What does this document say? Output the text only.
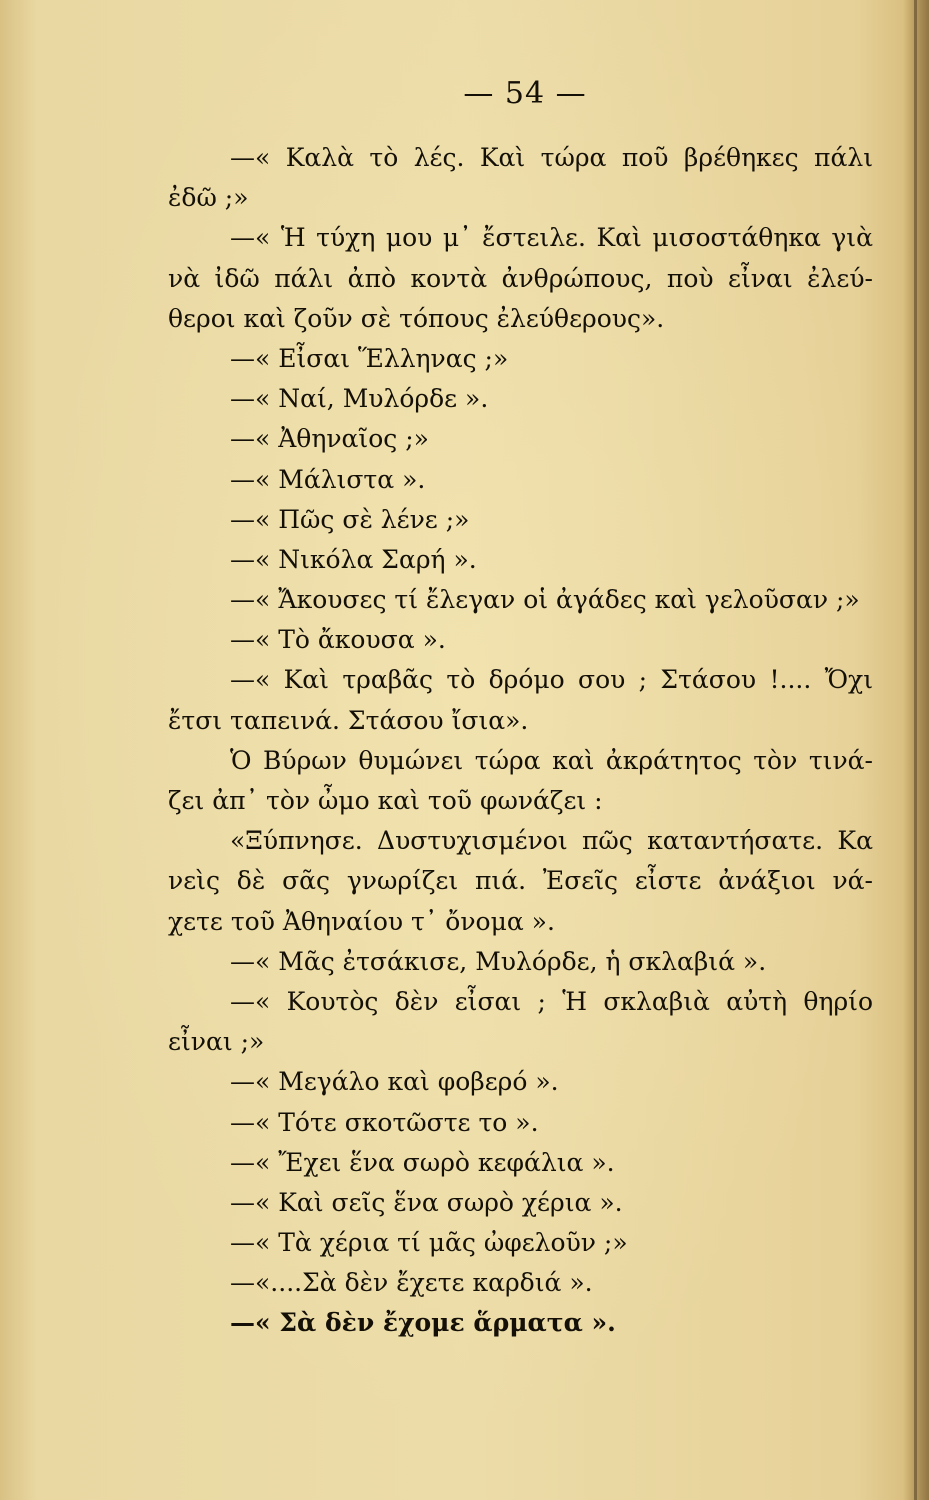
— 54 —
—« Καλὰ τὸ λές. Καὶ τώρα ποῦ βρέθηκες πάλι
ἐδῶ ;»
—« Ἡ τύχη μου μ᾽ ἔστειλε. Καὶ μισοστάθηκα γιὰ
νὰ ἰδῶ πάλι ἀπὸ κοντὰ ἀνθρώπους, ποὺ εἶναι ἐλεύ-
θεροι καὶ ζοῦν σὲ τόπους ἐλεύθερους».
—« Εἶσαι Ἕλληνας ;»
—« Ναί, Μυλόρδε ».
—« Ἀθηναῖος ;»
—« Μάλιστα ».
—« Πῶς σὲ λένε ;»
—« Νικόλα Σαρή ».
—« Ἄκουσες τί ἔλεγαν οἱ ἀγάδες καὶ γελοῦσαν ;»
—« Τὸ ἄκουσα ».
—« Καὶ τραβᾶς τὸ δρόμο σου ; Στάσου !.... Ὄχι
ἔτσι ταπεινά. Στάσου ἴσια».
Ὁ Βύρων θυμώνει τώρα καὶ ἀκράτητος τὸν τινά-
ζει ἀπ᾽ τὸν ὦμο καὶ τοῦ φωνάζει :
«Ξύπνησε. Δυστυχισμένοι πῶς καταντήσατε. Κα
νεὶς δὲ σᾶς γνωρίζει πιά. Ἐσεῖς εἶστε ἀνάξιοι νά-
χετε τοῦ Ἀθηναίου τ᾽ ὄνομα ».
—« Μᾶς ἐτσάκισε, Μυλόρδε, ἡ σκλαβιά ».
—« Κουτὸς δὲν εἶσαι ; Ἡ σκλαβιὰ αὐτὴ θηρίο
εἶναι ;»
—« Μεγάλο καὶ φοβερό ».
—« Τότε σκοτῶστε το ».
—« Ἔχει ἕνα σωρὸ κεφάλια ».
—« Καὶ σεῖς ἕνα σωρὸ χέρια ».
—« Τὰ χέρια τί μᾶς ὠφελοῦν ;»
—«....Σὰ δὲν ἔχετε καρδιά ».
—« Σὰ δὲν ἔχομε ἅρματα ».
